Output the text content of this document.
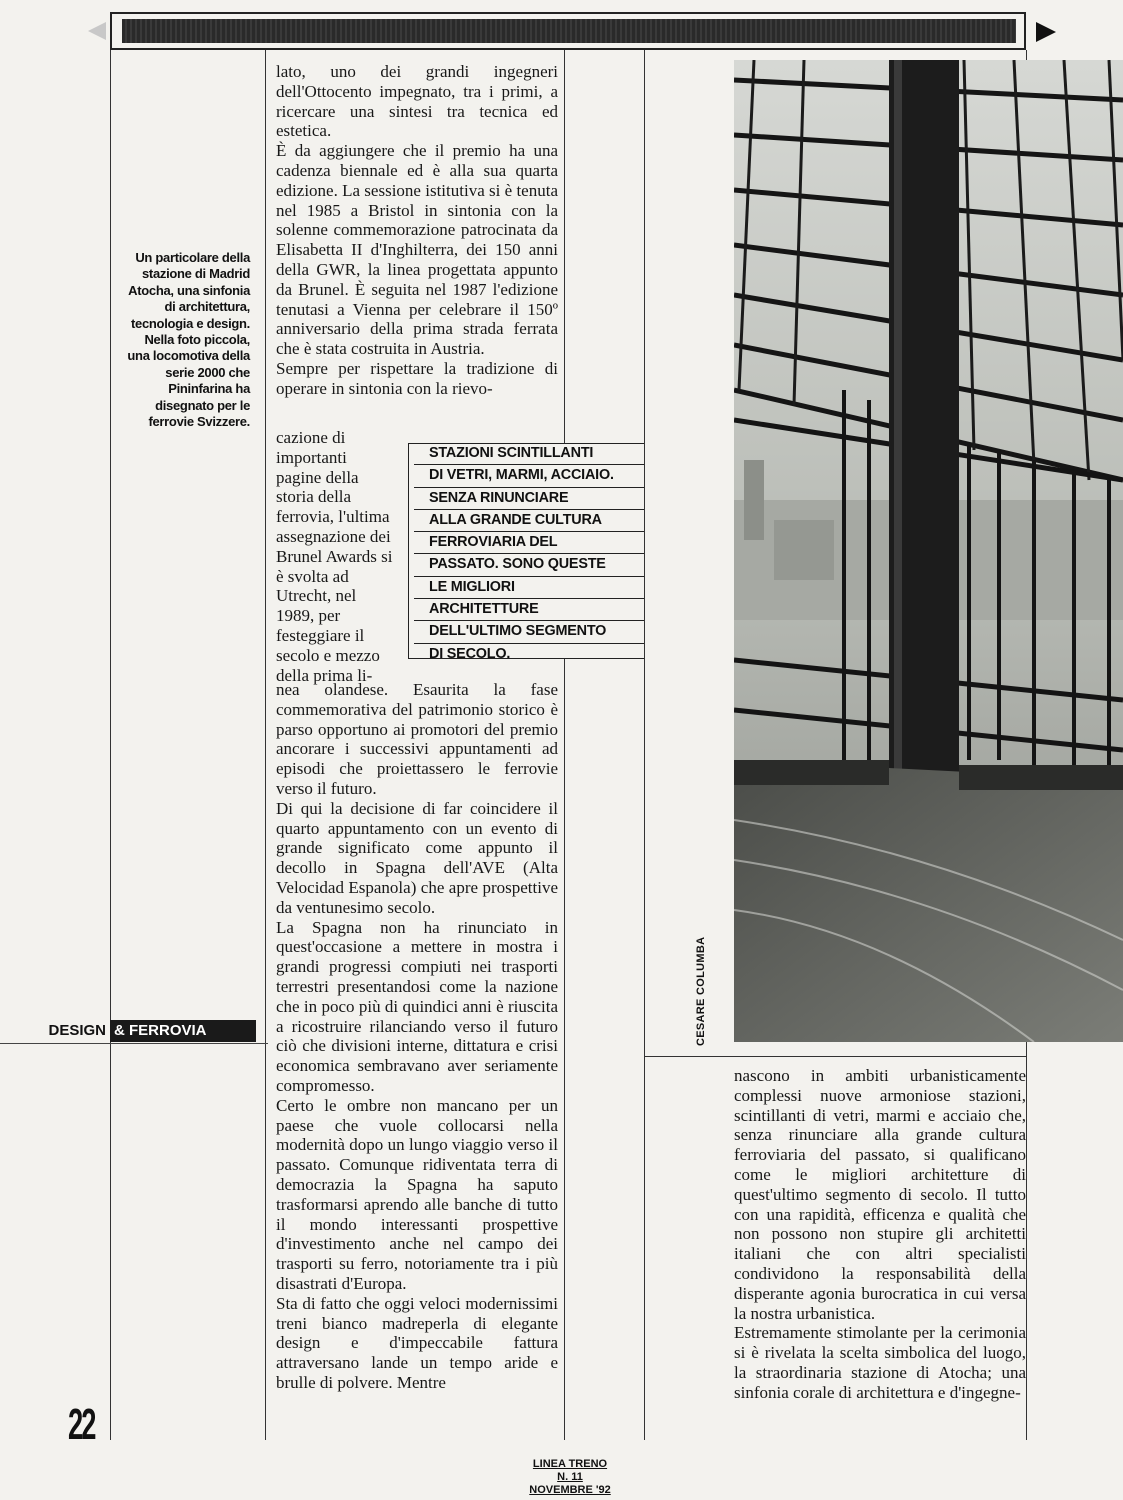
Un particolare della stazione di Madrid Atocha, una sinfonia di architettura, tecnologia e design. Nella foto piccola, una locomotiva della serie 2000 che Pininfarina ha disegnato per le ferrovie Svizzere.

lato, uno dei grandi ingegneri dell'Ottocento impegnato, tra i primi, a ricercare una sintesi tra tecnica ed estetica.

È da aggiungere che il premio ha una cadenza biennale ed è alla sua quarta edizione. La sessione istitutiva si è tenuta nel 1985 a Bristol in sintonia con la solenne commemorazione patrocinata da Elisabetta II d'Inghilterra, dei 150 anni della GWR, la linea progettata appunto da Brunel. È seguita nel 1987 l'edizione tenutasi a Vienna per celebrare il 150º anniversario della prima strada ferrata che è stata costruita in Austria.

Sempre per rispettare la tradizione di operare in sintonia con la rievo-

cazione di importanti pagine della storia della ferrovia, l'ultima assegnazione dei Brunel Awards si è svolta ad Utrecht, nel 1989, per festeggiare il secolo e mezzo della prima li-

nea olandese. Esaurita la fase commemorativa del patrimonio storico è parso opportuno ai promotori del premio ancorare i successivi appuntamenti ad episodi che proiettassero le ferrovie verso il futuro.

Di qui la decisione di far coincidere il quarto appuntamento con un evento di grande significato come appunto il decollo in Spagna dell'AVE (Alta Velocidad Espanola) che apre prospettive da ventunesimo secolo.

La Spagna non ha rinunciato in quest'occasione a mettere in mostra i grandi progressi compiuti nei trasporti terrestri presentandosi come la nazione che in poco più di quindici anni è riuscita a ricostruire rilanciando verso il futuro ciò che divisioni interne, dittatura e crisi economica sembravano aver seriamente compromesso.

Certo le ombre non mancano per un paese che vuole collocarsi nella modernità dopo un lungo viaggio verso il passato. Comunque ridiventata terra di democrazia la Spagna ha saputo trasformarsi aprendo alle banche di tutto il mondo interessanti prospettive d'investimento anche nel campo dei trasporti su ferro, notoriamente tra i più disastrati d'Europa.

Sta di fatto che oggi veloci modernissimi treni bianco madreperla di elegante design e d'impeccabile fattura attraversano lande un tempo aride e brulle di polvere. Mentre

STAZIONI SCINTILLANTI
DI VETRI, MARMI, ACCIAIO.
SENZA RINUNCIARE
ALLA GRANDE CULTURA
FERROVIARIA DEL
PASSATO. SONO QUESTE
LE MIGLIORI
ARCHITETTURE
DELL'ULTIMO SEGMENTO
DI SECOLO.
CESARE COLUMBA

nascono in ambiti urbanisticamente complessi nuove armoniose stazioni, scintillanti di vetri, marmi e acciaio che, senza rinunciare alla grande cultura ferroviaria del passato, si qualificano come le migliori architetture di quest'ultimo segmento di secolo. Il tutto con una rapidità, efficenza e qualità che non possono non stupire gli architetti italiani che con altri specialisti condividono la responsabilità della disperante agonia burocratica in cui versa la nostra urbanistica.

Estremamente stimolante per la cerimonia si è rivelata la scelta simbolica del luogo, la straordinaria stazione di Atocha; una sinfonia corale di architettura e d'ingegne-

DESIGN & FERROVIA
22
LINEA TRENO
N. 11
NOVEMBRE '92
